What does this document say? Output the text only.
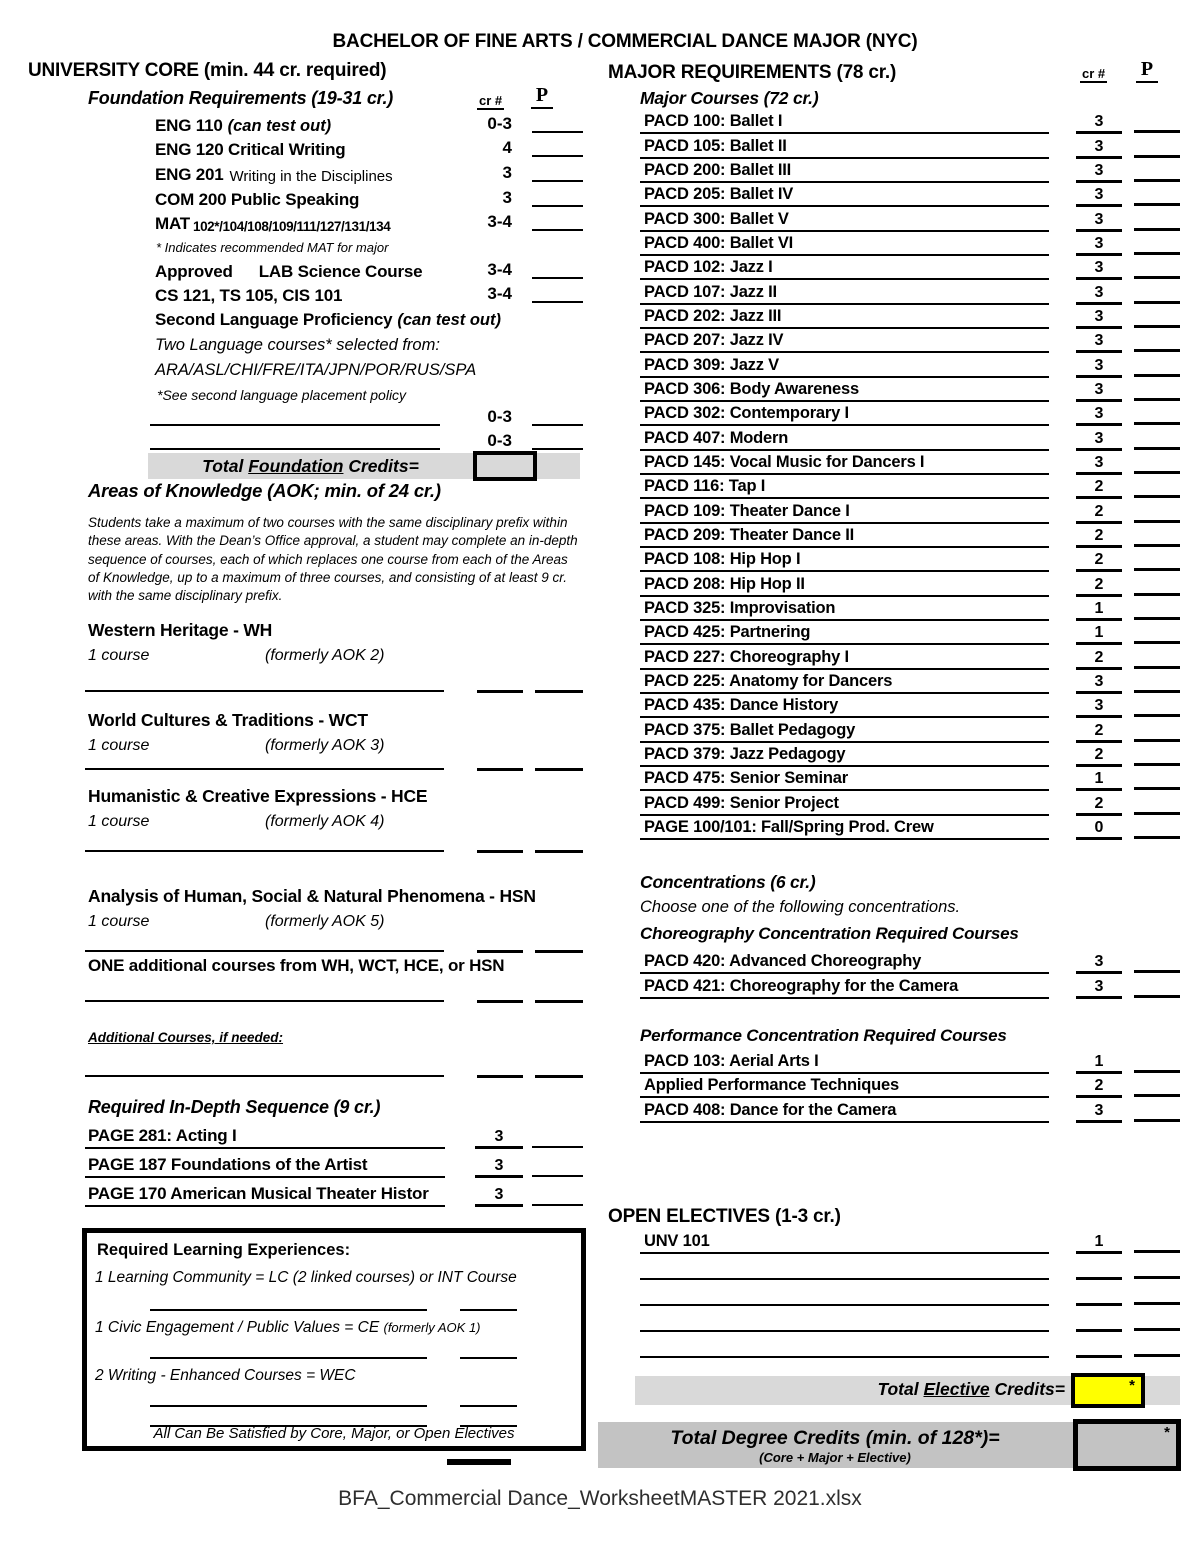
BACHELOR OF FINE ARTS / COMMERCIAL DANCE MAJOR (NYC)
UNIVERSITY CORE (min. 44 cr. required)
Foundation Requirements (19-31 cr.)	cr # P
ENG 110 (can test out)	0-3
ENG 120 Critical Writing	4
ENG 201 Writing in the Disciplines	3
COM 200 Public Speaking	3
MAT 102*/104/108/109/111/127/131/134	3-4
* Indicates recommended MAT for major
Approved LAB Science Course	3-4
CS 121, TS 105, CIS 101	3-4
Second Language Proficiency (can test out)
Two Language courses* selected from:
ARA/ASL/CHI/FRE/ITA/JPN/POR/RUS/SPA
*See second language placement policy
0-3
0-3
Total Foundation Credits=
Areas of Knowledge (AOK; min. of 24 cr.)
Students take a maximum of two courses with the same disciplinary prefix within these areas. With the Dean’s Office approval, a student may complete an in-depth sequence of courses, each of which replaces one course from each of the Areas of Knowledge, up to a maximum of three courses, and consisting of at least 9 cr. with the same disciplinary prefix.
Western Heritage - WH
1 course	(formerly AOK 2)
World Cultures & Traditions - WCT
1 course	(formerly AOK 3)
Humanistic & Creative Expressions - HCE
1 course	(formerly AOK 4)
Analysis of Human, Social & Natural Phenomena - HSN
1 course	(formerly AOK 5)
ONE additional courses from WH, WCT, HCE, or HSN
Additional Courses, if needed:
Required In-Depth Sequence (9 cr.)
PAGE 281: Acting I	3
PAGE 187 Foundations of the Artist	3
PAGE 170 American Musical Theater Histor	3
Required Learning Experiences:
1 Learning Community = LC (2 linked courses) or INT Course
1 Civic Engagement / Public Values = CE (formerly AOK 1)
2 Writing - Enhanced Courses = WEC
All Can Be Satisfied by Core, Major, or Open Electives
BFA_Commercial Dance_WorksheetMASTER 2021.xlsx
MAJOR REQUIREMENTS (78 cr.)	cr # P
Major Courses (72 cr.)
PACD 100: Ballet I	3
PACD 105: Ballet II	3
PACD 200: Ballet III	3
PACD 205: Ballet IV	3
PACD 300: Ballet V	3
PACD 400: Ballet VI	3
PACD 102: Jazz I	3
PACD 107: Jazz II	3
PACD 202: Jazz III	3
PACD 207: Jazz IV	3
PACD 309: Jazz V	3
PACD 306: Body Awareness	3
PACD 302: Contemporary I	3
PACD 407: Modern	3
PACD 145: Vocal Music for Dancers I	3
PACD 116: Tap I	2
PACD 109: Theater Dance I	2
PACD 209: Theater Dance II	2
PACD 108: Hip Hop I	2
PACD 208: Hip Hop II	2
PACD 325: Improvisation	1
PACD 425: Partnering	1
PACD 227: Choreography I	2
PACD 225: Anatomy for Dancers	3
PACD 435: Dance History	3
PACD 375: Ballet Pedagogy	2
PACD 379: Jazz Pedagogy	2
PACD 475: Senior Seminar	1
PACD 499: Senior Project	2
PAGE 100/101: Fall/Spring Prod. Crew	0
Concentrations (6 cr.)
Choose one of the following concentrations.
Choreography Concentration Required Courses
PACD 420: Advanced Choreography	3
PACD 421: Choreography for the Camera	3
Performance Concentration Required Courses
PACD 103: Aerial Arts I	1
Applied Performance Techniques	2
PACD 408: Dance for the Camera	3
OPEN ELECTIVES (1-3 cr.)
UNV 101	1
Total Elective Credits=	*
Total Degree Credits (min. of 128*)=
(Core + Major + Elective)
*
